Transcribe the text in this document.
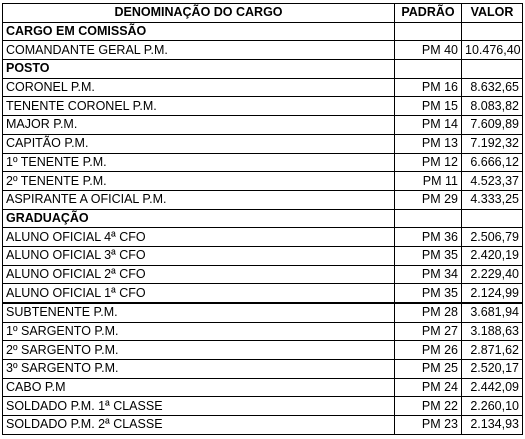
DENOMINAÇÃO DO CARGO	PADRÃO	VALOR
CARGO EM COMISSÃO		
COMANDANTE GERAL P.M.	PM 40	10.476,40
POSTO		
CORONEL P.M.	PM 16	8.632,65
TENENTE CORONEL P.M.	PM 15	8.083,82
MAJOR P.M.	PM 14	7.609,89
CAPITÃO P.M.	PM 13	7.192,32
1º TENENTE P.M.	PM 12	6.666,12
2º TENENTE P.M.	PM 11	4.523,37
ASPIRANTE A OFICIAL P.M.	PM 29	4.333,25
GRADUAÇÃO		
ALUNO OFICIAL 4ª CFO	PM 36	2.506,79
ALUNO OFICIAL 3ª CFO	PM 35	2.420,19
ALUNO OFICIAL 2ª CFO	PM 34	2.229,40
ALUNO OFICIAL 1ª CFO	PM 35	2.124,99
SUBTENENTE P.M.	PM 28	3.681,94
1º SARGENTO P.M.	PM 27	3.188,63
2º SARGENTO P.M.	PM 26	2.871,62
3º SARGENTO P.M.	PM 25	2.520,17
CABO P.M	PM 24	2.442,09
SOLDADO P.M. 1ª CLASSE	PM 22	2.260,10
SOLDADO P.M. 2ª CLASSE	PM 23	2.134,93
